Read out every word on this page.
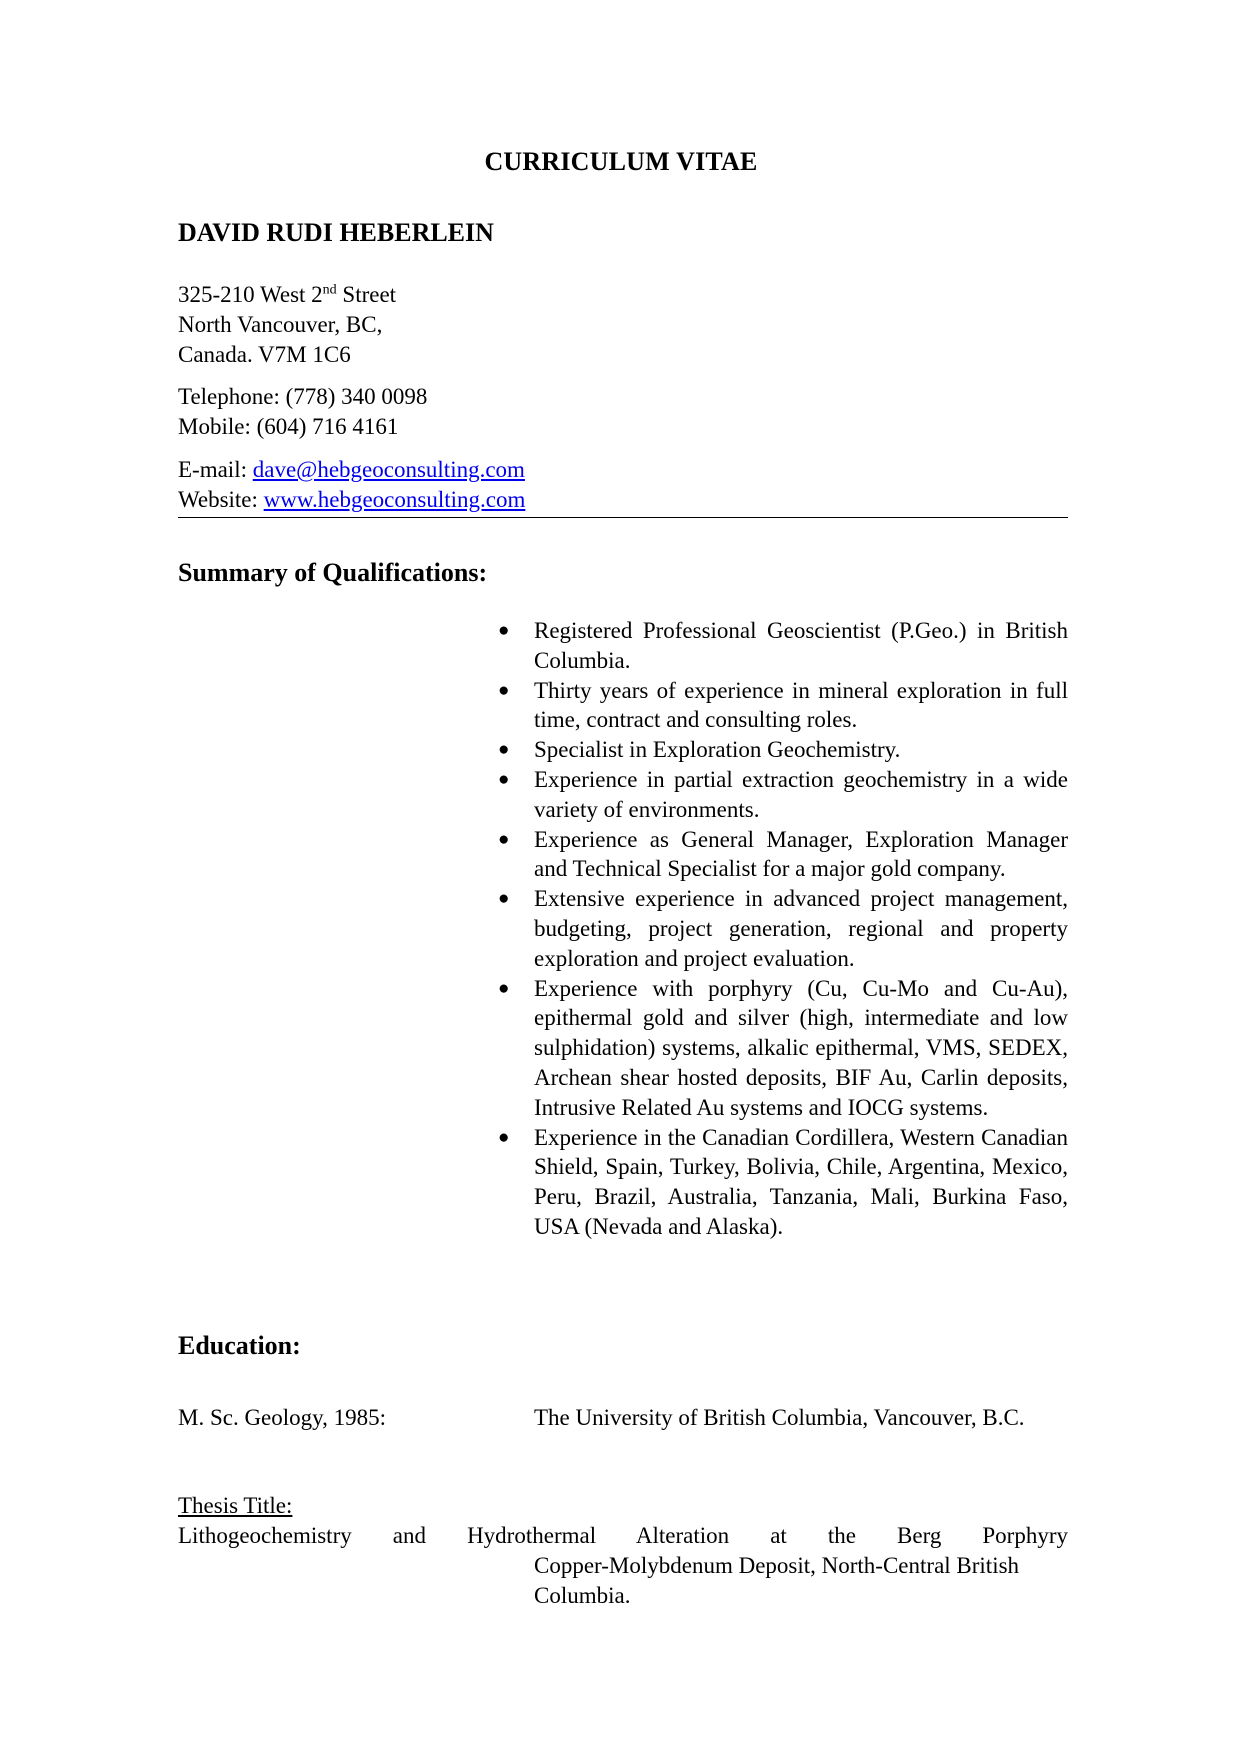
CURRICULUM VITAE
DAVID RUDI HEBERLEIN
325-210 West 2nd Street
North Vancouver, BC,
Canada. V7M 1C6
Telephone: (778) 340 0098
Mobile: (604) 716 4161
E-mail: dave@hebgeoconsulting.com
Website: www.hebgeoconsulting.com
Summary of Qualifications:
● Registered Professional Geoscientist (P.Geo.) in British Columbia.
● Thirty years of experience in mineral exploration in full time, contract and consulting roles.
● Specialist in Exploration Geochemistry.
● Experience in partial extraction geochemistry in a wide variety of environments.
● Experience as General Manager, Exploration Manager and Technical Specialist for a major gold company.
● Extensive experience in advanced project management, budgeting, project generation, regional and property exploration and project evaluation.
● Experience with porphyry (Cu, Cu-Mo and Cu-Au), epithermal gold and silver (high, intermediate and low sulphidation) systems, alkalic epithermal, VMS, SEDEX, Archean shear hosted deposits, BIF Au, Carlin deposits, Intrusive Related Au systems and IOCG systems.
● Experience in the Canadian Cordillera, Western Canadian Shield, Spain, Turkey, Bolivia, Chile, Argentina, Mexico, Peru, Brazil, Australia, Tanzania, Mali, Burkina Faso, USA (Nevada and Alaska).
Education:
M. Sc. Geology, 1985:	The University of British Columbia, Vancouver, B.C.
Thesis Title:
Lithogeochemistry and Hydrothermal Alteration at the Berg Porphyry
Copper-Molybdenum Deposit, North-Central British Columbia.
